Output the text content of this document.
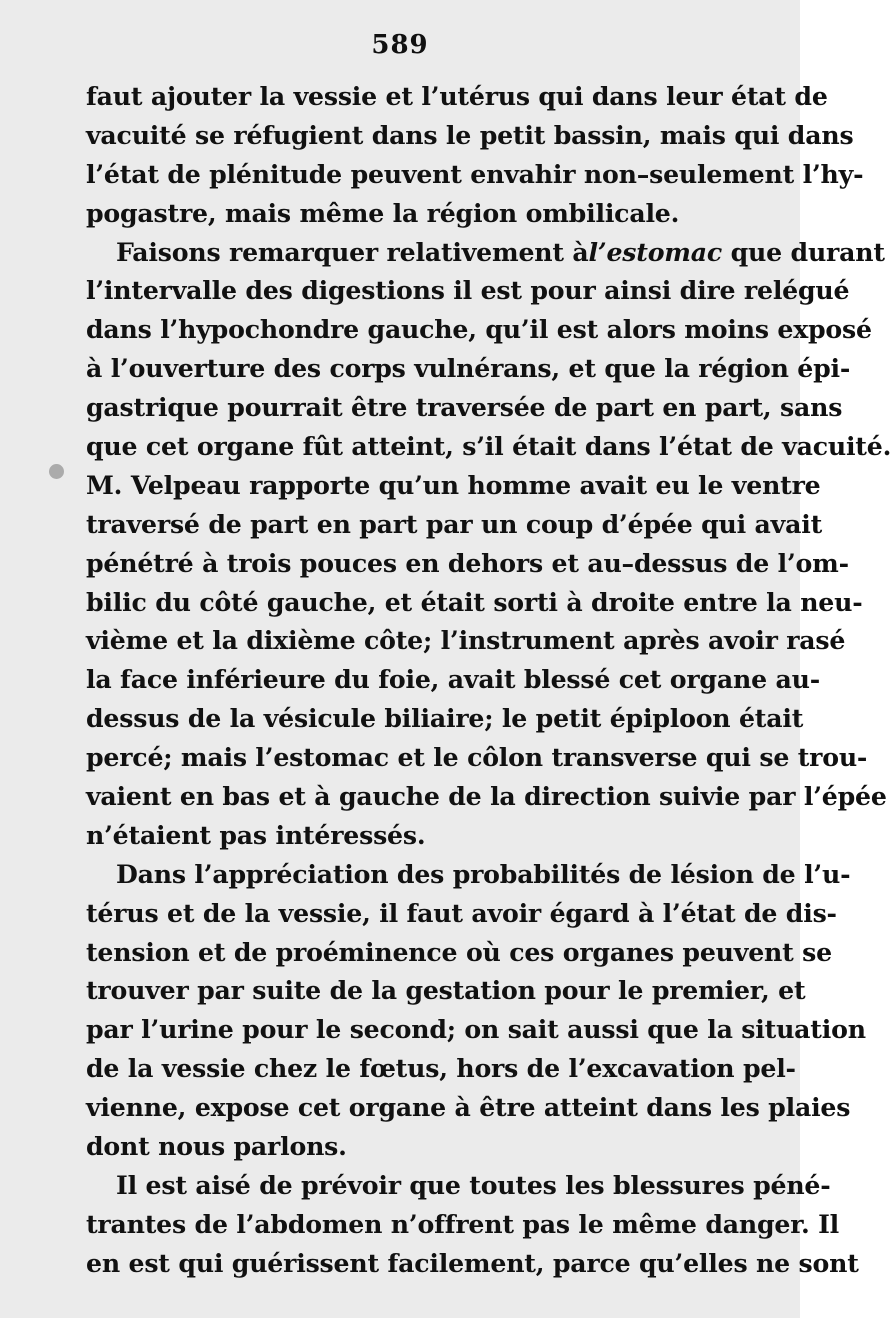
589
faut ajouter la vessie et l’utérus qui dans leur état de
vacuité se réfugient dans le petit bassin, mais qui dans
l’état de plénitude peuvent envahir non–seulement l’hy-
pogastre, mais même la région ombilicale.
Faisons remarquer relativement àl’estomac que durant
l’intervalle des digestions il est pour ainsi dire relégué
dans l’hypochondre gauche, qu’il est alors moins exposé
à l’ouverture des corps vulnérans, et que la région épi-
gastrique pourrait être traversée de part en part, sans
que cet organe fût atteint, s’il était dans l’état de vacuité.
M. Velpeau rapporte qu’un homme avait eu le ventre
traversé de part en part par un coup d’épée qui avait
pénétré à trois pouces en dehors et au–dessus de l’om-
bilic du côté gauche, et était sorti à droite entre la neu-
vième et la dixième côte; l’instrument après avoir rasé
la face inférieure du foie, avait blessé cet organe au-
dessus de la vésicule biliaire; le petit épiploon était
percé; mais l’estomac et le côlon transverse qui se trou-
vaient en bas et à gauche de la direction suivie par l’épée
n’étaient pas intéressés.
Dans l’appréciation des probabilités de lésion de l’u-
térus et de la vessie, il faut avoir égard à l’état de dis-
tension et de proéminence où ces organes peuvent se
trouver par suite de la gestation pour le premier, et
par l’urine pour le second; on sait aussi que la situation
de la vessie chez le fœtus, hors de l’excavation pel-
vienne, expose cet organe à être atteint dans les plaies
dont nous parlons.
Il est aisé de prévoir que toutes les blessures péné-
trantes de l’abdomen n’offrent pas le même danger. Il
en est qui guérissent facilement, parce qu’elles ne sont
